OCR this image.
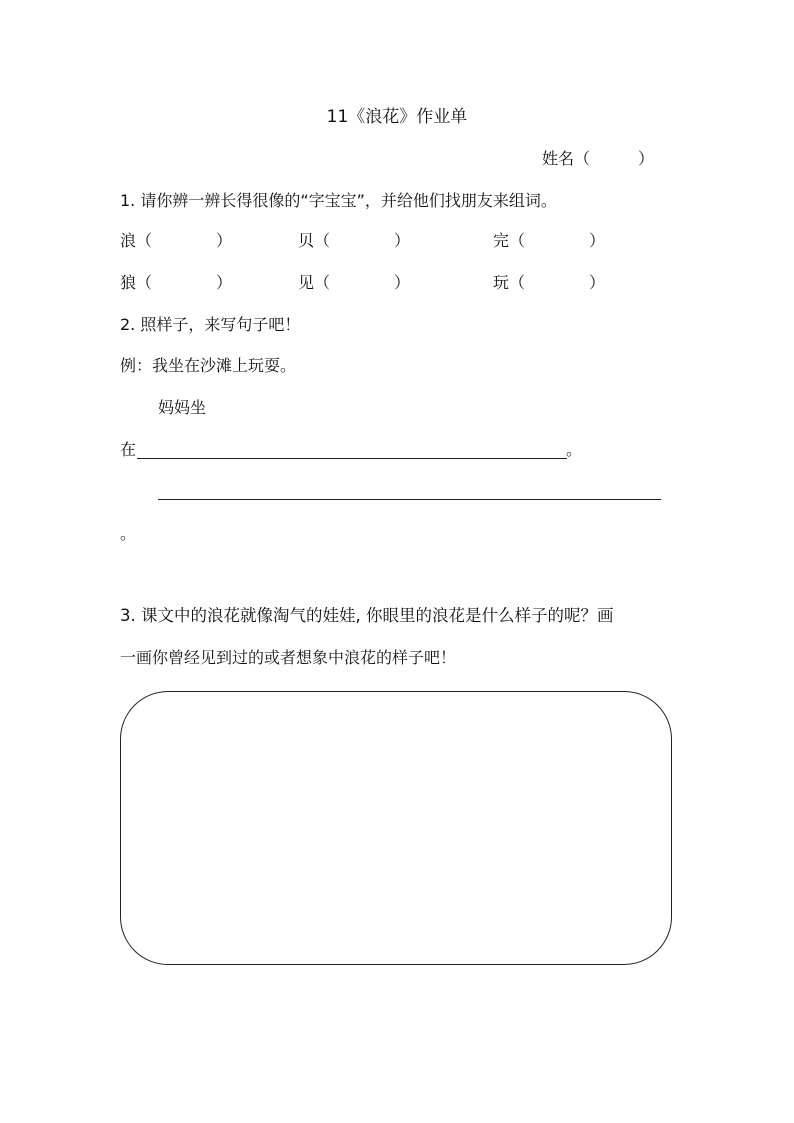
11《浪花》作业单
姓名（　　　）
1. 请你辨一辨长得很像的“字宝宝”，并给他们找朋友来组词。
浪（　　　　）	贝（　　　　）	完（　　　　）
狼（　　　　）	见（　　　　）	玩（　　　　）
2. 照样子，来写句子吧！
例：我坐在沙滩上玩耍。
妈妈坐
在	。
。
3. 课文中的浪花就像淘气的娃娃, 你眼里的浪花是什么样子的呢？画
一画你曾经见到过的或者想象中浪花的样子吧！
